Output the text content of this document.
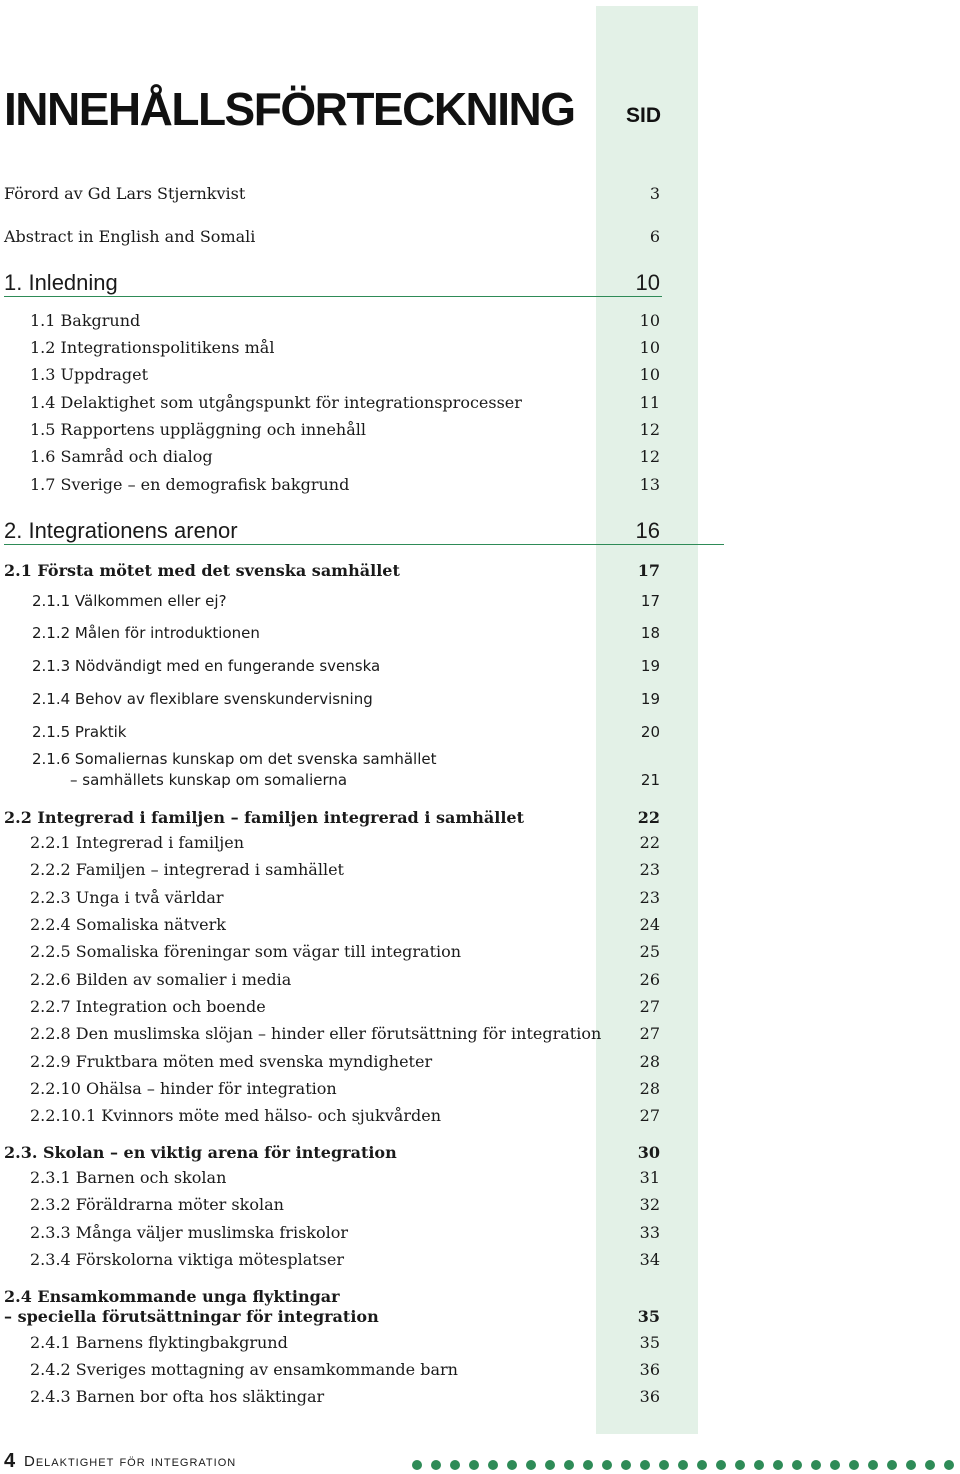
INNEHÅLLSFÖRTECKNING SID
Förord av Gd Lars Stjernkvist	3
Abstract in English and Somali	6
1. Inledning	10
1.1 Bakgrund	10
1.2 Integrationspolitikens mål	10
1.3 Uppdraget	10
1.4 Delaktighet som utgångspunkt för integrationsprocesser	11
1.5 Rapportens uppläggning och innehåll	12
1.6 Samråd och dialog	12
1.7 Sverige – en demografisk bakgrund	13
2. Integrationens arenor	16
2.1 Första mötet med det svenska samhället	17
2.1.1 Välkommen eller ej?	17
2.1.2 Målen för introduktionen	18
2.1.3 Nödvändigt med en fungerande svenska	19
2.1.4 Behov av flexiblare svenskundervisning	19
2.1.5 Praktik	20
2.1.6 Somaliernas kunskap om det svenska samhället
– samhällets kunskap om somalierna	21
2.2 Integrerad i familjen – familjen integrerad i samhället	22
2.2.1 Integrerad i familjen	22
2.2.2 Familjen – integrerad i samhället	23
2.2.3 Unga i två världar	23
2.2.4 Somaliska nätverk	24
2.2.5 Somaliska föreningar som vägar till integration	25
2.2.6 Bilden av somalier i media	26
2.2.7 Integration och boende	27
2.2.8 Den muslimska slöjan – hinder eller förutsättning för integration 27
2.2.9 Fruktbara möten med svenska myndigheter	28
2.2.10 Ohälsa – hinder för integration	28
2.2.10.1 Kvinnors möte med hälso- och sjukvården	27
2.3. Skolan – en viktig arena för integration	30
2.3.1 Barnen och skolan	31
2.3.2 Föräldrarna möter skolan	32
2.3.3 Många väljer muslimska friskolor	33
2.3.4 Förskolorna viktiga mötesplatser	34
2.4 Ensamkommande unga flyktingar
– speciella förutsättningar för integration	35
2.4.1 Barnens flyktingbakgrund	35
2.4.2 Sveriges mottagning av ensamkommande barn	36
2.4.3 Barnen bor ofta hos släktingar	36
4 Delaktighet för integration
